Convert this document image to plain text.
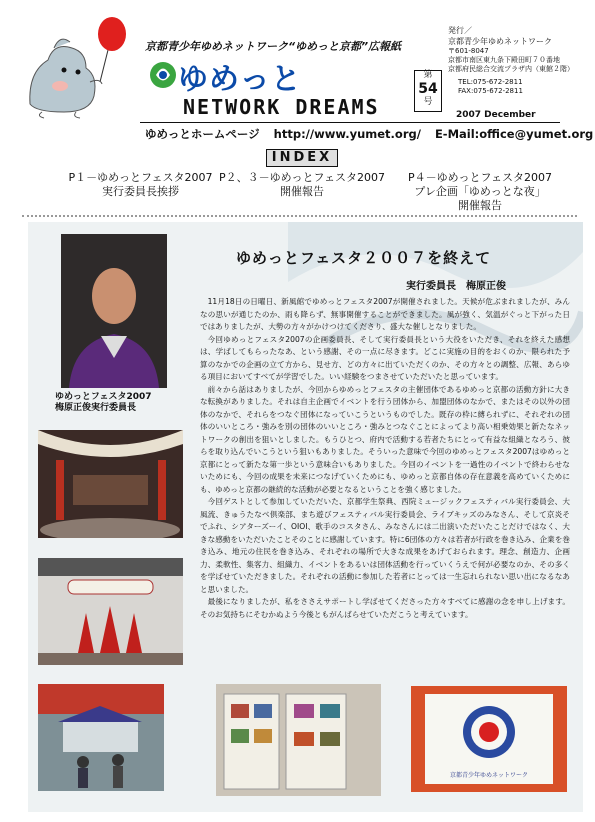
京都青少年ゆめネットワーク“ゆめっと京都”広報紙
ゆめっと
NETWORK DREAMS
第
54
号
発行／
京都青少年ゆめネットワーク
〒601-8047
京都市南区東九条下殿田町７０番地
京都府民総合交流プラザ内（東館２階）
TEL:075-672-2811
FAX:075-672-2811
2007 December
ゆめっとホームページ http://www.yumet.org/ E-Mail:office@yumet.org
INDEX
P１－ゆめっとフェスタ2007
実行委員長挨拶
P２、３－ゆめっとフェスタ2007
開催報告
P４－ゆめっとフェスタ2007
プレ企画「ゆめっとな夜」
開催報告
ゆめっとフェスタ２００７を終えて
実行委員長　梅原正俊

11月18日の日曜日、新風館でゆめっとフェスタ2007が開催されました。天候が危ぶまれましたが、みんなの思いが通じたのか、雨も降らず、無事開催することができました。風が強く、気温がぐっと下がった日ではありましたが、大勢の方々がかけつけてくださり、盛大な催しとなりました。

今回ゆめっとフェスタ2007の企画委員長、そして実行委員長という大役をいただき、それを終えた感想は、学ばしてもらったなあ、という感謝、その一点に尽きます。どこに実施の目的をおくのか、限られた予算のなかでの企画の立て方から、見せ方、どの方々に出ていただくのか、その方々との調整、広報、あらゆる項目においてすべてが学習でした。いい経験をつまさせていただいたと思っています。

前々から話はありましたが、今回からゆめっとフェスタの主催団体であるゆめっと京都の活動方針に大きな転換がありました。それは自主企画でイベントを行う団体から、加盟団体のなかで、またはその以外の団体のなかで、それらをつなぐ団体になっていこうというものでした。既存の枠に縛られずに、それぞれの団体のいいところ・強みを別の団体のいいところ・強みとつなぐことによってより高い相乗効果と新たなネットワークの創出を狙いとしました。もうひとつ、府内で活動する若者たちにとって有益な組織となろう、彼らを取り込んでいこうという狙いもありました。そういった意味で今回のゆめっとフェスタ2007はゆめっと京都にとって新たな第一歩という意味合いもありました。今回のイベントを一過性のイベントで終わらせないためにも、今回の成果を未来につなげていくためにも、ゆめっと京都自体の存在意義を高めていくためにも、ゆめっと京都の継続的な活動が必要となるということを強く感じました。

今回ゲストとして参加していただいた、京都学生祭典、西院ミュージックフェスティバル実行委員会、大風流、きゅうたなべ倶楽部、まち遊びフェスティバル実行委員会、ライブキッズのみなさん、そして京炎そでふれ、シアターズーイ、OIOI、歌手のコスタさん、みなさんには二出演いただいたことだけではなく、大きな感動をいただいたことそのことに感謝しています。特に6団体の方々は若者が行政を巻き込み、企業を巻き込み、地元の住民を巻き込み、それぞれの場所で大きな成果をあげておられます。理念、創造力、企画力、柔軟性、集客力、組織力、イベントをあるいは団体活動を行っていくうえで何が必要なのか、その多くを学ばせていただきました。それぞれの活動に参加した若者にとっては一生忘れられない思い出になるなあと思いました。

最後になりましたが、私をささえサポートし学ばせてくださった方々すべてに感謝の念を申し上げます。そのお気持ちにそむかぬよう今後ともがんばらせていただこうと考えています。

ゆめっとフェスタ2007
梅原正俊実行委員長
京都青少年ゆめネットワーク
